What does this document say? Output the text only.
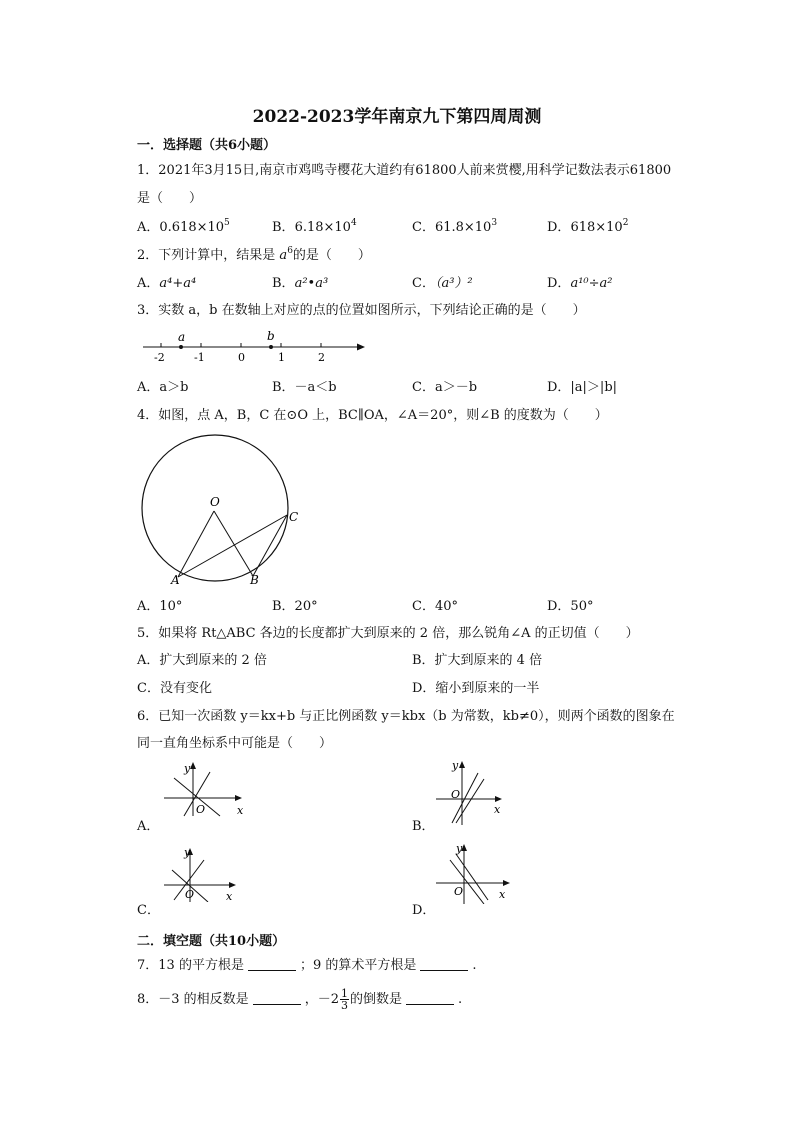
2022-2023学年南京九下第四周周测
一．选择题（共6小题）
1．2021年3月15日,南京市鸡鸣寺樱花大道约有61800人前来赏樱,用科学记数法表示61800
是（　　）
A．$0.618\times 10^5$	B．$6.18\times 10^4$	C．$61.8\times 10^3$	D．$618\times 10^2$
2．下列计算中，结果是 $a^6$的是（　　）
A．a⁴+a⁴	B．a²•a³	C．（a³）²	D．a¹⁰÷a²
3．实数 a，b 在数轴上对应的点的位置如图所示，下列结论正确的是（　　）
-2	-1	0	1	2
a	b
A．a＞b	B．－a＜b	C．a＞－b	D．|a|＞|b|
4．如图，点 A，B，C 在⊙O 上，BC∥OA，∠A＝20°，则∠B 的度数为（　　）
O
A	B
C
A．10°	B．20°	C．40°	D．50°
5．如果将 Rt△ABC 各边的长度都扩大到原来的 2 倍，那么锐角∠A 的正切值（　　）
A．扩大到原来的 2 倍	B．扩大到原来的 4 倍
C．没有变化	D．缩小到原来的一半
6．已知一次函数 y＝kx+b 与正比例函数 y＝kbx（b 为常数，kb≠0），则两个函数的图象在
同一直角坐标系中可能是（　　）
y
x
O
A．
y
x
O
B．
y
x
O
C．
y
x
O
D．
二．填空题（共10小题）
7．13 的平方根是	；9 的算术平方根是	.
8．－3 的相反数是	，$-2 \frac{1}{3}$ 的倒数是	.
